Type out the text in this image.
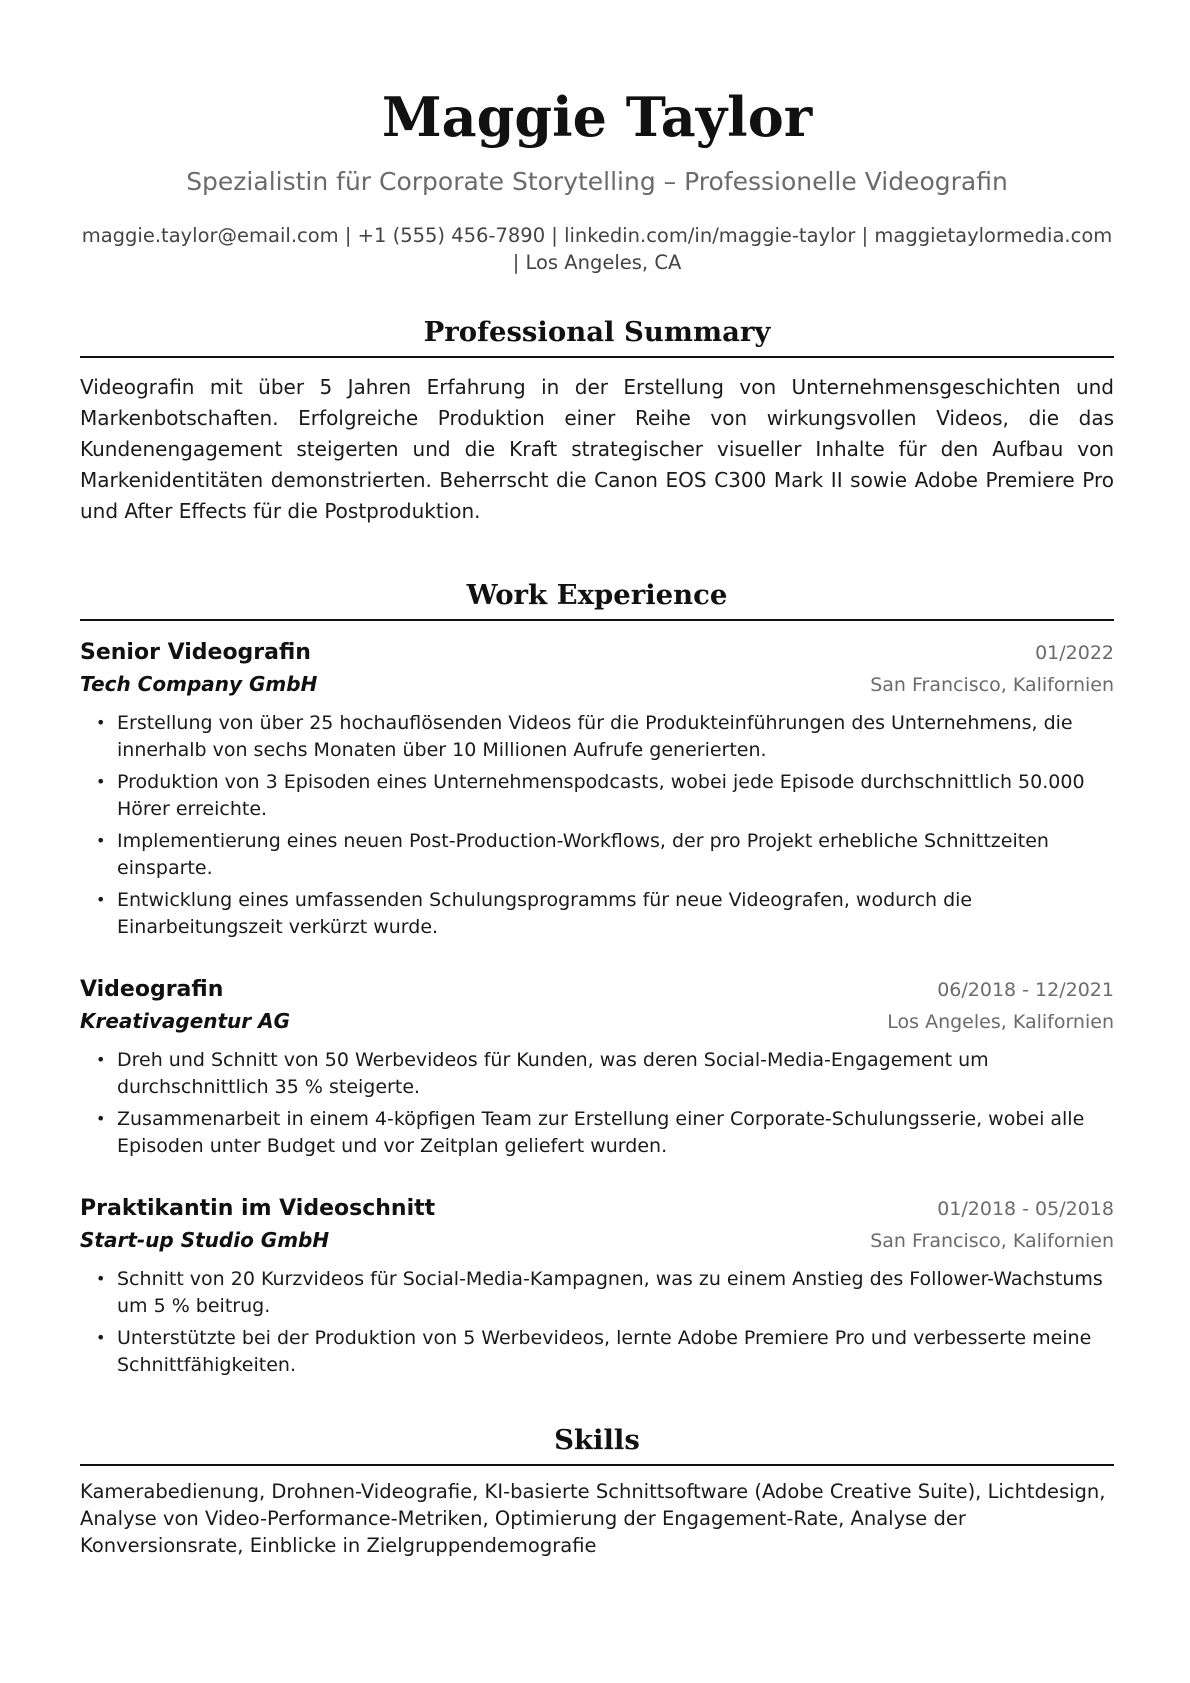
Maggie Taylor
Spezialistin für Corporate Storytelling – Professionelle Videografin
maggie.taylor@email.com | +1 (555) 456-7890 | linkedin.com/in/maggie-taylor | maggietaylormedia.com | Los Angeles, CA
Professional Summary

Videografin mit über 5 Jahren Erfahrung in der Erstellung von Unternehmensgeschichten und Markenbotschaften. Erfolgreiche Produktion einer Reihe von wirkungsvollen Videos, die das Kundenengagement steigerten und die Kraft strategischer visueller Inhalte für den Aufbau von Markenidentitäten demonstrierten. Beherrscht die Canon EOS C300 Mark II sowie Adobe Premiere Pro und After Effects für die Postproduktion.

Work Experience
Senior Videografin	01/2022
Tech Company GmbH	San Francisco, Kalifornien
• Erstellung von über 25 hochauflösenden Videos für die Produkteinführungen des Unternehmens, die innerhalb von sechs Monaten über 10 Millionen Aufrufe generierten.
• Produktion von 3 Episoden eines Unternehmenspodcasts, wobei jede Episode durchschnittlich 50.000 Hörer erreichte.
• Implementierung eines neuen Post-Production-Workflows, der pro Projekt erhebliche Schnittzeiten einsparte.
• Entwicklung eines umfassenden Schulungsprogramms für neue Videografen, wodurch die Einarbeitungszeit verkürzt wurde.
Videografin	06/2018 - 12/2021
Kreativagentur AG	Los Angeles, Kalifornien
• Dreh und Schnitt von 50 Werbevideos für Kunden, was deren Social-Media-Engagement um durchschnittlich 35 % steigerte.
• Zusammenarbeit in einem 4-köpfigen Team zur Erstellung einer Corporate-Schulungsserie, wobei alle Episoden unter Budget und vor Zeitplan geliefert wurden.
Praktikantin im Videoschnitt	01/2018 - 05/2018
Start-up Studio GmbH	San Francisco, Kalifornien
• Schnitt von 20 Kurzvideos für Social-Media-Kampagnen, was zu einem Anstieg des Follower-Wachstums um 5 % beitrug.
• Unterstützte bei der Produktion von 5 Werbevideos, lernte Adobe Premiere Pro und verbesserte meine Schnittfähigkeiten.
Skills
Kamerabedienung, Drohnen-Videografie, KI-basierte Schnittsoftware (Adobe Creative Suite), Lichtdesign, Analyse von Video-Performance-Metriken, Optimierung der Engagement-Rate, Analyse der Konversionsrate, Einblicke in Zielgruppendemografie
